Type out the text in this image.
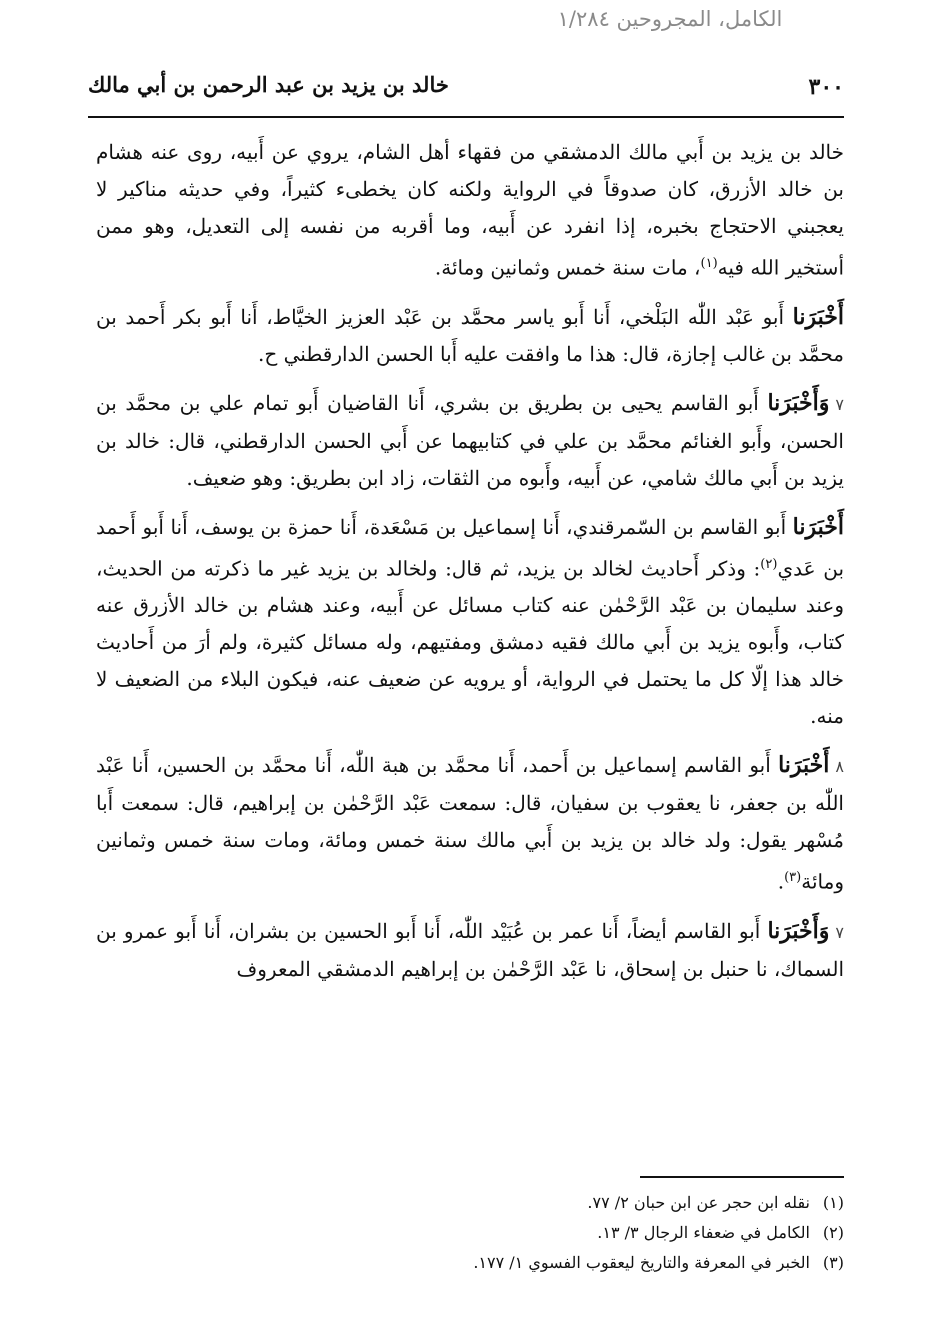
الكامل، المجروحين ١/٢٨٤
٣٠٠
خالد بن يزيد بن عبد الرحمن بن أبي مالك

خالد بن يزيد بن أَبي مالك الدمشقي من فقهاء أهل الشام، يروي عن أَبيه، روى عنه هشام بن خالد الأزرق، كان صدوقاً في الرواية ولكنه كان يخطىء كثيراً، وفي حديثه مناكير لا يعجبني الاحتجاج بخبره، إذا انفرد عن أَبيه، وما أقربه من نفسه إلى التعديل، وهو ممن أستخير الله فيه$^{(١)}$، مات سنة خمس وثمانين ومائة.

أَخْبَرَنا أَبو عَبْد اللّٰه البَلْخي، أَنا أَبو ياسر محمَّد بن عَبْد العزيز الخيَّاط، أَنا أَبو بكر أَحمد بن محمَّد بن غالب إجازة، قال: هذا ما وافقت عليه أَبا الحسن الدارقطني ح.

٧وَأَخْبَرَنا أَبو القاسم يحيى بن بطريق بن بشري، أَنا القاضيان أَبو تمام علي بن محمَّد بن الحسن، وأَبو الغنائم محمَّد بن علي في كتابيهما عن أَبي الحسن الدارقطني، قال: خالد بن يزيد بن أَبي مالك شامي، عن أَبيه، وأَبوه من الثقات، زاد ابن بطريق: وهو ضعيف.

أَخْبَرَنا أَبو القاسم بن السّمرقندي، أَنا إسماعيل بن مَسْعَدة، أَنا حمزة بن يوسف، أَنا أَبو أَحمد بن عَدي$^{(٢)}$: وذكر أَحاديث لخالد بن يزيد، ثم قال: ولخالد بن يزيد غير ما ذكرته من الحديث، وعند سليمان بن عَبْد الرَّحْمٰن عنه كتاب مسائل عن أَبيه، وعند هشام بن خالد الأزرق عنه كتاب، وأَبوه يزيد بن أَبي مالك فقيه دمشق ومفتيهم، وله مسائل كثيرة، ولم أرَ من أَحاديث خالد هذا إلّا كل ما يحتمل في الرواية، أو يرويه عن ضعيف عنه، فيكون البلاء من الضعيف لا منه.

٨أَخْبَرَنا أَبو القاسم إسماعيل بن أَحمد، أَنا محمَّد بن هبة اللّٰه، أَنا محمَّد بن الحسين، أَنا عَبْد اللّٰه بن جعفر، نا يعقوب بن سفيان، قال: سمعت عَبْد الرَّحْمٰن بن إبراهيم، قال: سمعت أَبا مُسْهر يقول: ولد خالد بن يزيد بن أَبي مالك سنة خمس ومائة، ومات سنة خمس وثمانين ومائة$^{(٣)}$.

٧وَأَخْبَرَنا أَبو القاسم أيضاً، أَنا عمر بن عُبَيْد اللّٰه، أَنا أَبو الحسين بن بشران، أَنا أَبو عمرو بن السماك، نا حنبل بن إسحاق، نا عَبْد الرَّحْمٰن بن إبراهيم الدمشقي المعروف

(١)نقله ابن حجر عن ابن حبان ٢/ ٧٧.
(٢)الكامل في ضعفاء الرجال ٣/ ١٣.
(٣)الخبر في المعرفة والتاريخ ليعقوب الفسوي ١/ ١٧٧.
